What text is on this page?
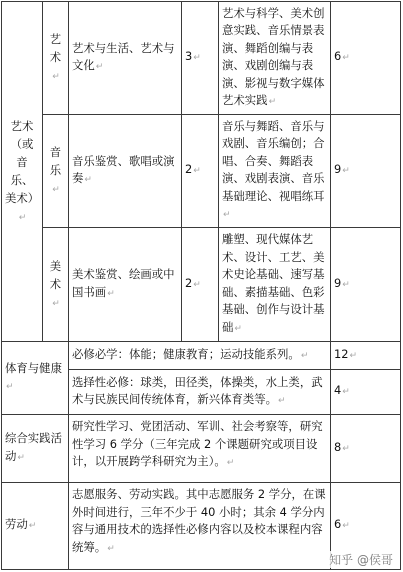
艺术（或音乐、美术）↵	艺术↵	艺术与生活、艺术与文化↵	3↵	艺术与科学、美术创意实践、音乐情景表演、舞蹈创编与表演、戏剧创编与表演、影视与数字媒体艺术实践↵	6↵
	音乐↵	音乐鉴赏、歌唱或演奏↵	2↵	音乐与舞蹈、音乐与戏剧、音乐编创；合唱、合奏、舞蹈表演、戏剧表演、音乐基础理论、视唱练耳↵	9↵
	美术↵	美术鉴赏、绘画或中国书画↵	2↵	雕塑、现代媒体艺术、设计、工艺、美术史论基础、速写基础、素描基础、色彩基础、创作与设计基础↵	9↵
体育与健康↵		必修必学：体能；健康教育；运动技能系列。↵			12↵
		选择性必修：球类，田径类，体操类，水上类，武术与民族民间传统体育，新兴体育类等。↵			4↵
综合实践活动↵		研究性学习、党团活动、军训、社会考察等，研究性学习 6 学分（三年完成 2 个课题研究或项目设计，以开展跨学科研究为主）。↵			8↵
劳动↵		志愿服务、劳动实践。其中志愿服务 2 学分，在课外时间进行，三年不少于 40 小时；其余 4 学分内容与通用技术的选择性必修内容以及校本课程内容统筹。↵			6↵
知乎 @侯哥
